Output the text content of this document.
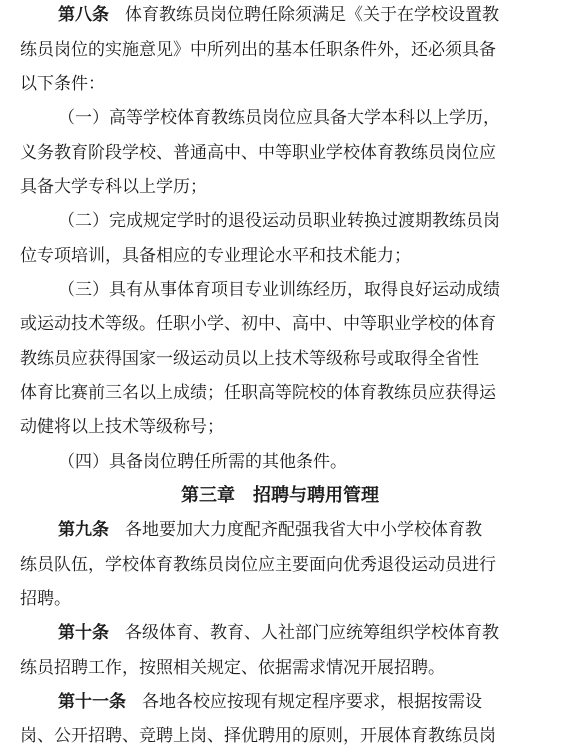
第八条 体育教练员岗位聘任除须满足《关于在学校设置教
练员岗位的实施意见》中所列出的基本任职条件外，还必须具备
以下条件：
（一）高等学校体育教练员岗位应具备大学本科以上学历，
义务教育阶段学校、普通高中、中等职业学校体育教练员岗位应
具备大学专科以上学历；
（二）完成规定学时的退役运动员职业转换过渡期教练员岗
位专项培训，具备相应的专业理论水平和技术能力；
（三）具有从事体育项目专业训练经历，取得良好运动成绩
或运动技术等级。任职小学、初中、高中、中等职业学校的体育
教练员应获得国家一级运动员以上技术等级称号或取得全省性
体育比赛前三名以上成绩；任职高等院校的体育教练员应获得运
动健将以上技术等级称号；
（四）具备岗位聘任所需的其他条件。
第三章　招聘与聘用管理
第九条 各地要加大力度配齐配强我省大中小学校体育教
练员队伍，学校体育教练员岗位应主要面向优秀退役运动员进行
招聘。
第十条 各级体育、教育、人社部门应统筹组织学校体育教
练员招聘工作，按照相关规定、依据需求情况开展招聘。
第十一条 各地各校应按现有规定程序要求，根据按需设
岗、公开招聘、竞聘上岗、择优聘用的原则，开展体育教练员岗
